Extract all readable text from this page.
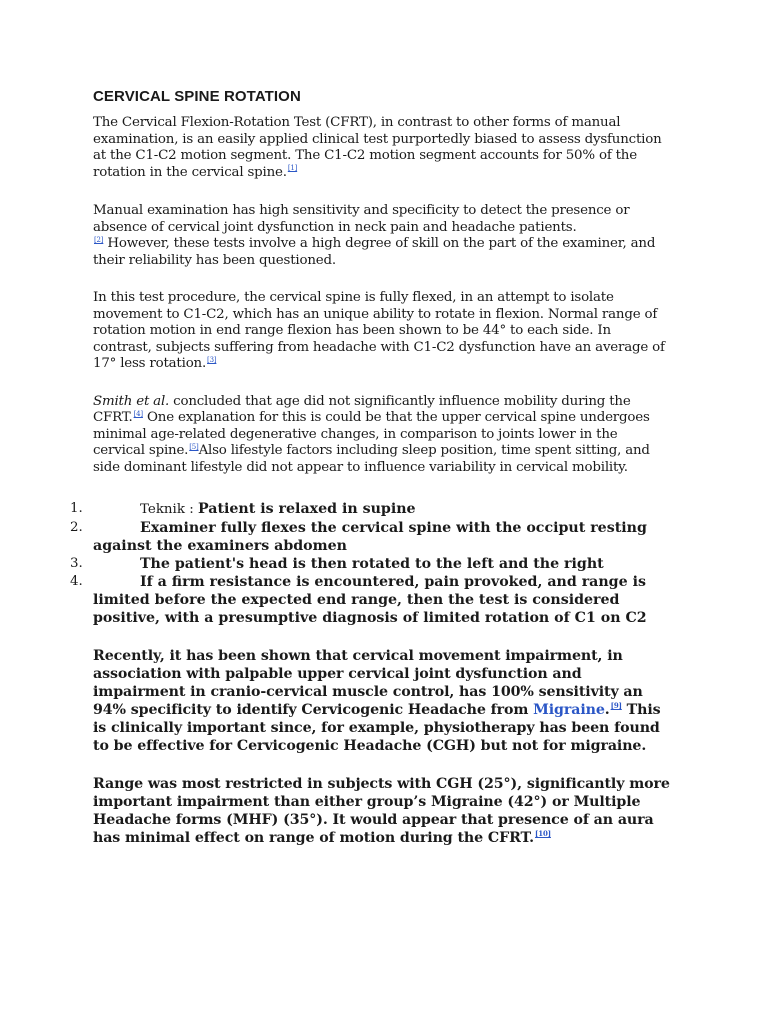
CERVICAL SPINE ROTATION

The Cervical Flexion-Rotation Test (CFRT), in contrast to other forms of manual examination, is an easily applied clinical test purportedly biased to assess dysfunction at the C1-C2 motion segment. The C1-C2 motion segment accounts for 50% of the rotation in the cervical spine.[1]

Manual examination has high sensitivity and specificity to detect the presence or absence of cervical joint dysfunction in neck pain and headache patients.
[2] However, these tests involve a high degree of skill on the part of the examiner, and their reliability has been questioned.

In this test procedure, the cervical spine is fully flexed, in an attempt to isolate movement to C1-C2, which has an unique ability to rotate in flexion. Normal range of rotation motion in end range flexion has been shown to be 44° to each side. In contrast, subjects suffering from headache with C1-C2 dysfunction have an average of 17° less rotation.[3]

Smith et al. concluded that age did not significantly influence mobility during the CFRT.[4] One explanation for this is could be that the upper cervical spine undergoes minimal age-related degenerative changes, in comparison to joints lower in the cervical spine.[5]Also lifestyle factors including sleep position, time spent sitting, and side dominant lifestyle did not appear to influence variability in cervical mobility.

1.	Teknik : Patient is relaxed in supine
2.	Examiner fully flexes the cervical spine with the occiput resting against the examiners abdomen
3.	The patient's head is then rotated to the left and the right
4.	If a firm resistance is encountered, pain provoked, and range is limited before the expected end range, then the test is considered positive, with a presumptive diagnosis of limited rotation of C1 on C2

Recently, it has been shown that cervical movement impairment, in association with palpable upper cervical joint dysfunction and impairment in cranio-cervical muscle control, has 100% sensitivity an 94% specificity to identify Cervicogenic Headache from Migraine.[9] This is clinically important since, for example, physiotherapy has been found to be effective for Cervicogenic Headache (CGH) but not for migraine.

Range was most restricted in subjects with CGH (25°), significantly more important impairment than either group’s Migraine (42°) or Multiple Headache forms (MHF) (35°). It would appear that presence of an aura has minimal effect on range of motion during the CFRT.[10]
